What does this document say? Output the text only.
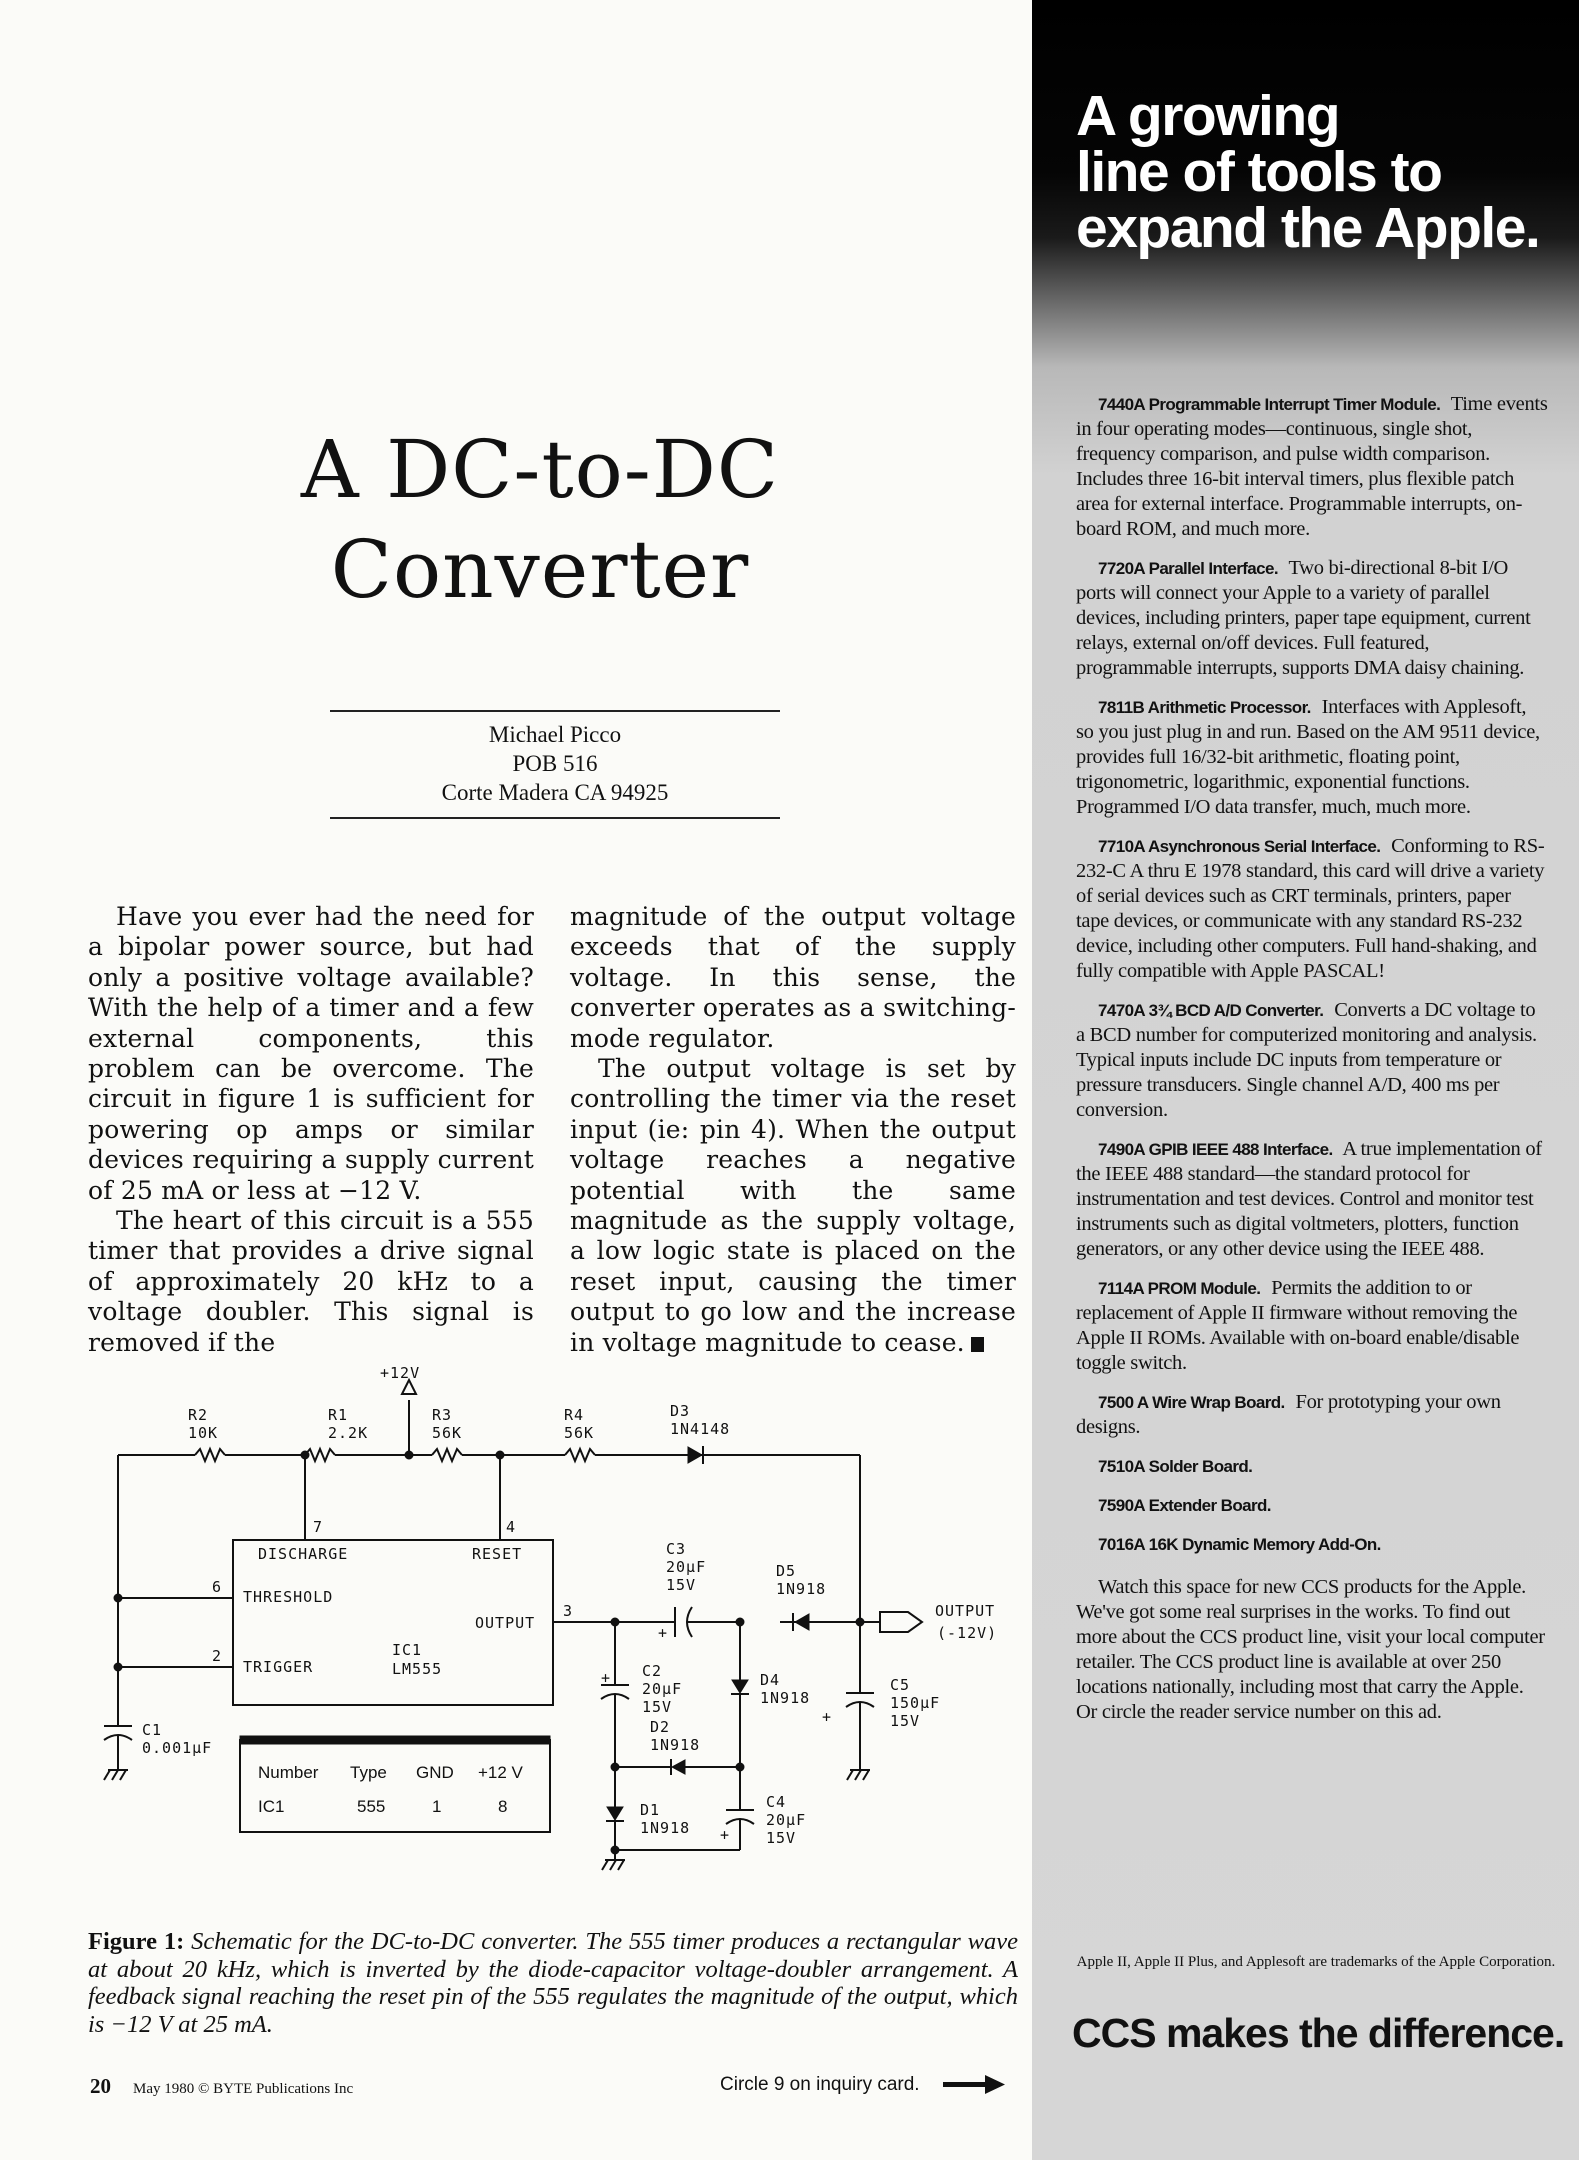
A DC-to-DC
Converter
Michael Picco
POB 516
Corte Madera CA 94925

Have you ever had the need for a bipolar power source, but had only a positive voltage available? With the help of a timer and a few external components, this problem can be overcome. The circuit in figure 1 is sufficient for powering op amps or similar devices requiring a supply current of 25 mA or less at −12 V.

The heart of this circuit is a 555 timer that provides a drive signal of approximately 20 kHz to a voltage doubler. This signal is removed if the

magnitude of the output voltage exceeds that of the supply voltage. In this sense, the converter operates as a switching-mode regulator.

The output voltage is set by controlling the timer via the reset input (ie: pin 4). When the output voltage reaches a negative potential with the same magnitude as the supply voltage, a low logic state is placed on the reset input, causing the timer output to go low and the increase in voltage magnitude to cease.

+12V
R2
10K
R1
2.2K
R3
56K
R4
56K
D3
1N4148
7	4
6
2
3
DISCHARGE	RESET
THRESHOLD
OUTPUT
TRIGGER
IC1
LM555
C3
20μF
15V
+
D5
1N918
OUTPUT
(-12V)
C2
20μF
15V
+	D4
1N918
C5
150μF
15V
+
D2
1N918
D1
1N918
C4
20μF
15V
+
C1
0.001μF
Number Type GND +12 V
IC1	555	1	8
Figure 1: Schematic for the DC-to-DC converter. The 555 timer produces a rectangular wave at about 20 kHz, which is inverted by the diode-capacitor voltage-doubler arrangement. A feedback signal reaching the reset pin of the 555 regulates the magnitude of the output, which is −12 V at 25 mA.
20 May 1980 © BYTE Publications Inc	Circle 9 on inquiry card.
A growing
line of tools to
expand the Apple.

7440A Programmable Interrupt Timer Module. Time events in four operating modes—continuous, single shot, frequency comparison, and pulse width comparison. Includes three 16-bit interval timers, plus flexible patch area for external interface. Programmable interrupts, on-board ROM, and much more.

7720A Parallel Interface. Two bi-directional 8-bit I/O ports will connect your Apple to a variety of parallel devices, including printers, paper tape equipment, current relays, external on/off devices. Full featured, programmable interrupts, supports DMA daisy chaining.

7811B Arithmetic Processor. Interfaces with Applesoft, so you just plug in and run. Based on the AM 9511 device, provides full 16/32-bit arithmetic, floating point, trigonometric, logarithmic, exponential functions. Programmed I/O data transfer, much, much more.

7710A Asynchronous Serial Interface. Conforming to RS-232-C A thru E 1978 standard, this card will drive a variety of serial devices such as CRT terminals, printers, paper tape devices, or communicate with any standard RS-232 device, including other computers. Full hand-shaking, and fully compatible with Apple PASCAL!

7470A 3¾ BCD A/D Converter. Converts a DC voltage to a BCD number for computerized monitoring and analysis. Typical inputs include DC inputs from temperature or pressure transducers. Single channel A/D, 400 ms per conversion.

7490A GPIB IEEE 488 Interface. A true implementation of the IEEE 488 standard—the standard protocol for instrumentation and test devices. Control and monitor test instruments such as digital voltmeters, plotters, function generators, or any other device using the IEEE 488.

7114A PROM Module. Permits the addition to or replacement of Apple II firmware without removing the Apple II ROMs. Available with on-board enable/disable toggle switch.

7500 A Wire Wrap Board. For prototyping your own designs.

7510A Solder Board.

7590A Extender Board.

7016A 16K Dynamic Memory Add-On.

Watch this space for new CCS products for the Apple. We've got some real surprises in the works. To find out more about the CCS product line, visit your local computer retailer. The CCS product line is available at over 250 locations nationally, including most that carry the Apple. Or circle the reader service number on this ad.

Apple II, Apple II Plus, and Applesoft are trademarks of the Apple Corporation.
CCS makes the difference.
